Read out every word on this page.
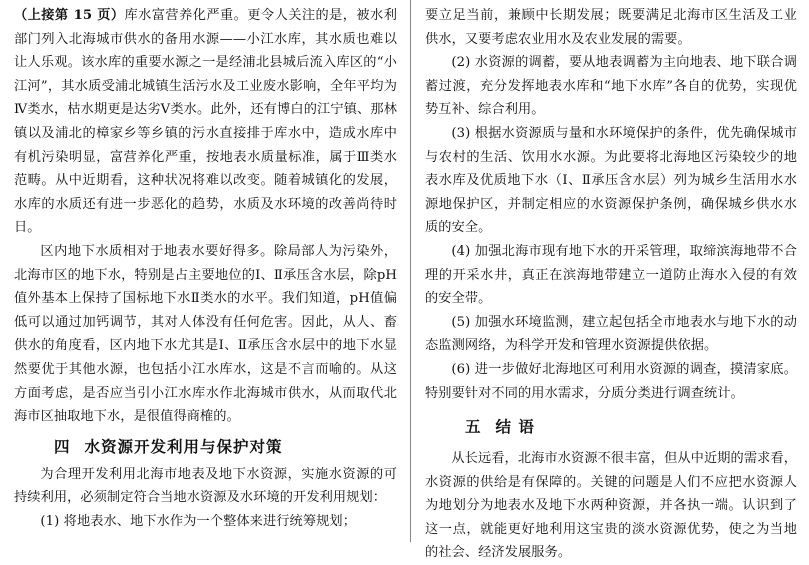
（上接第 15 页）库水富营养化严重。更令人关注的是，被水利部门列入北海城市供水的备用水源——小江水库，其水质也难以让人乐观。该水库的重要水源之一是经浦北县城后流入库区的“小江河”，其水质受浦北城镇生活污水及工业废水影响，全年平均为Ⅳ类水，枯水期更是达劣Ⅴ类水。此外，还有博白的江宁镇、那林镇以及浦北的樟家乡等乡镇的污水直接排于库水中，造成水库中有机污染明显，富营养化严重，按地表水质量标准，属于Ⅲ类水范畴。从中近期看，这种状况将难以改变。随着城镇化的发展，水库的水质还有进一步恶化的趋势，水质及水环境的改善尚待时日。

区内地下水质相对于地表水要好得多。除局部人为污染外，北海市区的地下水，特别是占主要地位的Ⅰ、Ⅱ承压含水层，除pH值外基本上保持了国标地下水Ⅱ类水的水平。我们知道，pH值偏低可以通过加钙调节，其对人体没有任何危害。因此，从人、畜供水的角度看，区内地下水尤其是Ⅰ、Ⅱ承压含水层中的地下水显然要优于其他水源，也包括小江水库水，这是不言而喻的。从这方面考虑，是否应当引小江水库水作北海城市供水，从而取代北海市区抽取地下水，是很值得商榷的。

四 水资源开发利用与保护对策

为合理开发利用北海市地表及地下水资源，实施水资源的可持续利用，必须制定符合当地水资源及水环境的开发利用规划：

(1) 将地表水、地下水作为一个整体来进行统筹规划；

要立足当前，兼顾中长期发展；既要满足北海市区生活及工业供水，又要考虑农业用水及农业发展的需要。

(2) 水资源的调蓄，要从地表调蓄为主向地表、地下联合调蓄过渡，充分发挥地表水库和“地下水库”各自的优势，实现优势互补、综合利用。

(3) 根据水资源质与量和水环境保护的条件，优先确保城市与农村的生活、饮用水水源。为此要将北海地区污染较少的地表水库及优质地下水（Ⅰ、Ⅱ承压含水层）列为城乡生活用水水源地保护区，并制定相应的水资源保护条例，确保城乡供水水质的安全。

(4) 加强北海市现有地下水的开采管理，取缔滨海地带不合理的开采水井，真正在滨海地带建立一道防止海水入侵的有效的安全带。

(5) 加强水环境监测，建立起包括全市地表水与地下水的动态监测网络，为科学开发和管理水资源提供依据。

(6) 进一步做好北海地区可利用水资源的调查，摸清家底。特别要针对不同的用水需求，分质分类进行调查统计。

五 结 语

从长远看，北海市水资源不很丰富，但从中近期的需求看，水资源的供给是有保障的。关键的问题是人们不应把水资源人为地划分为地表水及地下水两种资源，并各执一端。认识到了这一点，就能更好地利用这宝贵的淡水资源优势，使之为当地的社会、经济发展服务。
